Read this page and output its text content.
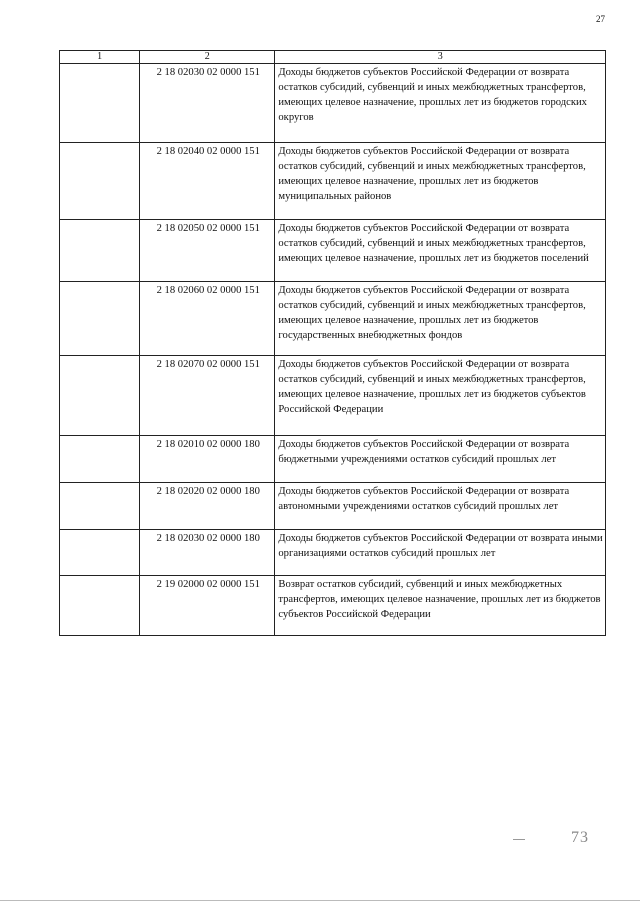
27
1	2	3
	2 18 02030 02 0000 151	Доходы бюджетов субъектов Российской Федерации от возврата остатков субсидий, субвенций и иных межбюджетных трансфертов, имеющих целевое назначение, прошлых лет из бюджетов городских округов
	2 18 02040 02 0000 151	Доходы бюджетов субъектов Российской Федерации от возврата остатков субсидий, субвенций и иных межбюджетных трансфертов, имеющих целевое назначение, прошлых лет из бюджетов муниципальных районов
	2 18 02050 02 0000 151	Доходы бюджетов субъектов Российской Федерации от возврата остатков субсидий, субвенций и иных межбюджетных трансфертов, имеющих целевое назначение, прошлых лет из бюджетов поселений
	2 18 02060 02 0000 151	Доходы бюджетов субъектов Российской Федерации от возврата остатков субсидий, субвенций и иных межбюджетных трансфертов, имеющих целевое назначение, прошлых лет из бюджетов государственных внебюджетных фондов
	2 18 02070 02 0000 151	Доходы бюджетов субъектов Российской Федерации от возврата остатков субсидий, субвенций и иных межбюджетных трансфертов, имеющих целевое назначение, прошлых лет из бюджетов субъектов Российской Федерации
	2 18 02010 02 0000 180	Доходы бюджетов субъектов Российской Федерации от возврата бюджетными учреждениями остатков субсидий прошлых лет
	2 18 02020 02 0000 180	Доходы бюджетов субъектов Российской Федерации от возврата автономными учреждениями остатков субсидий прошлых лет
	2 18 02030 02 0000 180	Доходы бюджетов субъектов Российской Федерации от возврата иными организациями остатков субсидий прошлых лет
	2 19 02000 02 0000 151	Возврат остатков субсидий, субвенций и иных межбюджетных трансфертов, имеющих целевое назначение, прошлых лет из бюджетов субъектов Российской Федерации
73
